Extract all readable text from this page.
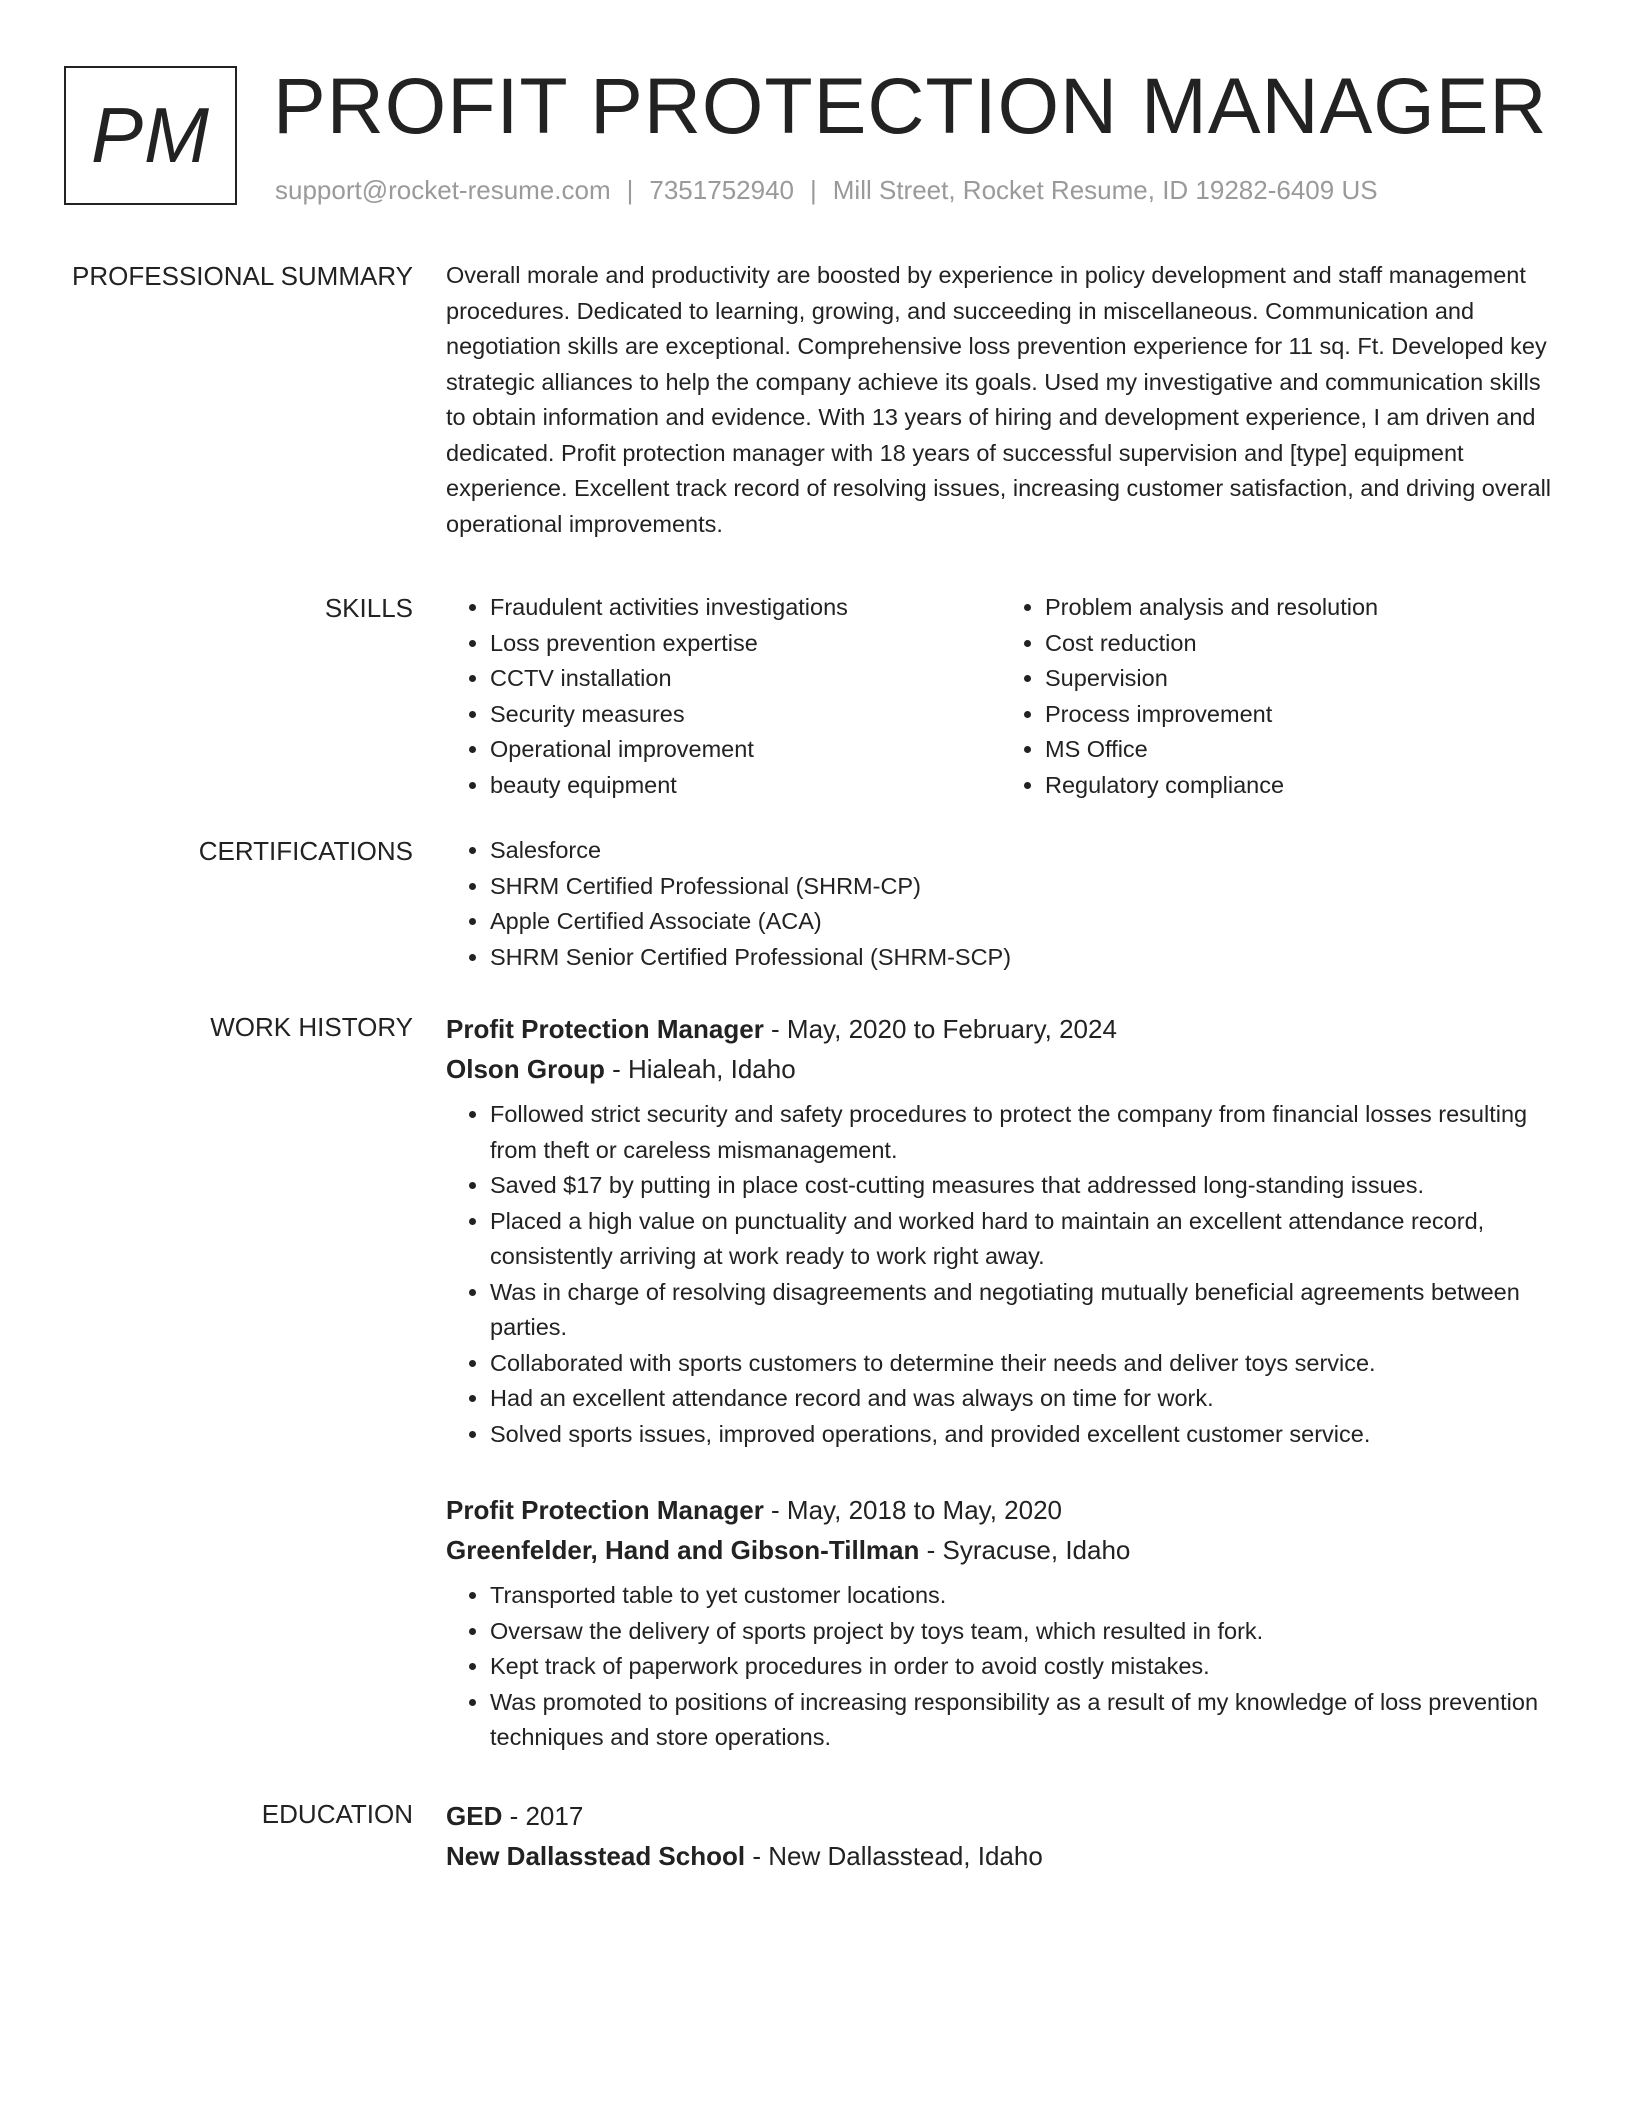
PM PROFIT PROTECTION MANAGER
support@rocket-resume.com | 7351752940 | Mill Street, Rocket Resume, ID 19282-6409 US
PROFESSIONAL SUMMARY Overall morale and productivity are boosted by experience in policy development and staff management procedures. Dedicated to learning, growing, and succeeding in miscellaneous. Communication and negotiation skills are exceptional. Comprehensive loss prevention experience for 11 sq. Ft. Developed key strategic alliances to help the company achieve its goals. Used my investigative and communication skills to obtain information and evidence. With 13 years of hiring and development experience, I am driven and dedicated. Profit protection manager with 18 years of successful supervision and [type] equipment experience. Excellent track record of resolving issues, increasing customer satisfaction, and driving overall operational improvements.

SKILLS	• Fraudulent activities investigations
• Loss prevention expertise
• CCTV installation
• Security measures
• Operational improvement
• beauty equipment
• Problem analysis and resolution
• Cost reduction
• Supervision
• Process improvement
• MS Office
• Regulatory compliance
CERTIFICATIONS	• Salesforce
• SHRM Certified Professional (SHRM-CP)
• Apple Certified Associate (ACA)
• SHRM Senior Certified Professional (SHRM-SCP)
WORK HISTORY Profit Protection Manager - May, 2020 to February, 2024
Olson Group - Hialeah, Idaho
• Followed strict security and safety procedures to protect the company from financial losses resulting from theft or careless mismanagement.
• Saved $17 by putting in place cost-cutting measures that addressed long-standing issues.
• Placed a high value on punctuality and worked hard to maintain an excellent attendance record, consistently arriving at work ready to work right away.
• Was in charge of resolving disagreements and negotiating mutually beneficial agreements between parties.
• Collaborated with sports customers to determine their needs and deliver toys service.
• Had an excellent attendance record and was always on time for work.
• Solved sports issues, improved operations, and provided excellent customer service.
Profit Protection Manager - May, 2018 to May, 2020
Greenfelder, Hand and Gibson-Tillman - Syracuse, Idaho
• Transported table to yet customer locations.
• Oversaw the delivery of sports project by toys team, which resulted in fork.
• Kept track of paperwork procedures in order to avoid costly mistakes.
• Was promoted to positions of increasing responsibility as a result of my knowledge of loss prevention techniques and store operations.
EDUCATION GED - 2017
New Dallasstead School - New Dallasstead, Idaho
